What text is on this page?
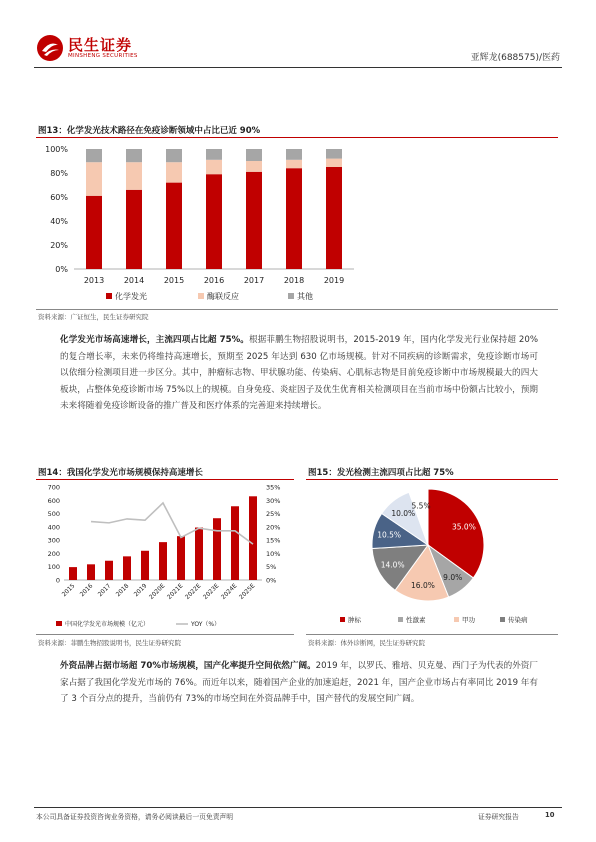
民生证券
MINSHENG SECURITIES	亚辉龙(688575)/医药
图13：化学发光技术路径在免疫诊断领域中占比已近 90%
0%
20%
40%
60%
80%
100%
2013 2014 2015 2016 2017 2018 2019
化学发光	酶联反应	其他
资料来源：广证恒生，民生证券研究院
化学发光市场高速增长，主流四项占比超 75%。根据菲鹏生物招股说明书，2015-2019 年，国内化学发光行业保持超 20%的复合增长率，未来仍将维持高速增长，预期至 2025 年达到 630 亿市场规模。针对不同疾病的诊断需求，免疫诊断市场可以依细分检测项目进一步区分。其中，肿瘤标志物、甲状腺功能、传染病、心肌标志物是目前免疫诊断中市场规模最大的四大板块，占整体免疫诊断市场 75%以上的规模。自身免疫、炎症因子及优生优育相关检测项目在当前市场中份额占比较小，预期未来将随着免疫诊断设备的推广普及和医疗体系的完善迎来持续增长。
图14：我国化学发光市场规模保持高速增长
0
100
200
300
400
500
600
700
0%
5%
10%
15%
20%
25%
30%
35%
2015 2016 2017 2018 2019 2020E 2021E 2022E 2023E 2024E 2025E
中国化学发光市场规模（亿元）	YOY（%）
资料来源：菲鹏生物招股说明书，民生证券研究院
图15：发光检测主流四项占比超 75%
35.0%
9.0%
16.0%
14.0%
10.5%
10.0%
5.5%
肿标	性激素	甲功	传染病
资料来源：体外诊断网，民生证券研究院
外资品牌占据市场超 70%市场规模，国产化率提升空间依然广阔。2019 年，以罗氏、雅培、贝克曼、西门子为代表的外资厂家占据了我国化学发光市场的 76%。而近年以来，随着国产企业的加速追赶，2021 年，国产企业市场占有率同比 2019 年有了 3 个百分点的提升，当前仍有 73%的市场空间在外资品牌手中，国产替代的发展空间广阔。
本公司具备证券投资咨询业务资格，请务必阅读最后一页免责声明	证券研究报告	10
